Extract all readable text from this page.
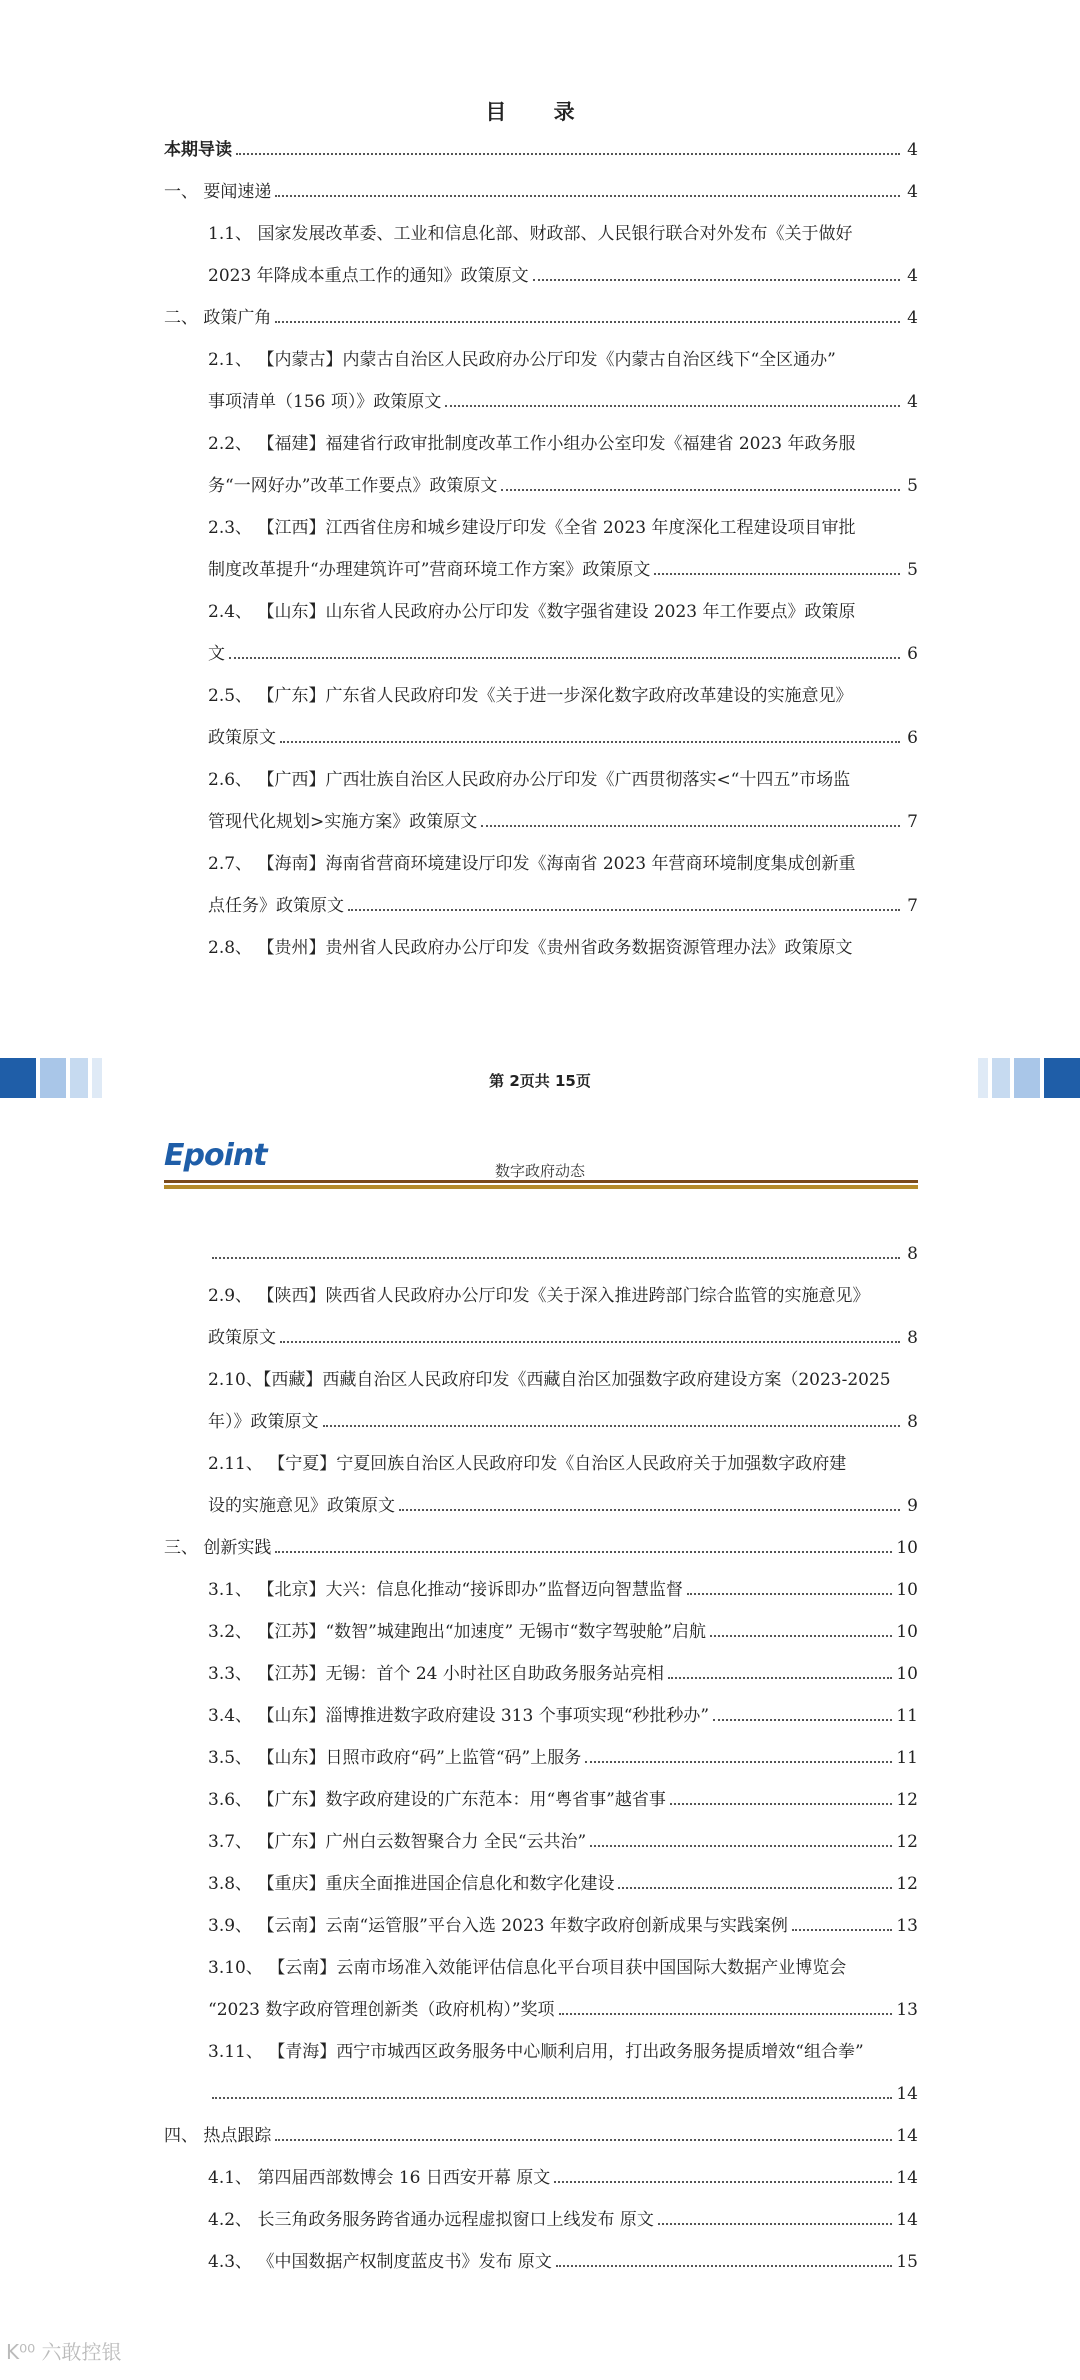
目 录
本期导读	4
一、 要闻速递	4
1.1、 国家发展改革委、工业和信息化部、财政部、人民银行联合对外发布《关于做好
2023 年降成本重点工作的通知》政策原文	4
二、 政策广角	4
2.1、 【内蒙古】内蒙古自治区人民政府办公厅印发《内蒙古自治区线下“全区通办”
事项清单（156 项）》政策原文	4
2.2、 【福建】福建省行政审批制度改革工作小组办公室印发《福建省 2023 年政务服
务“一网好办”改革工作要点》政策原文	5
2.3、 【江西】江西省住房和城乡建设厅印发《全省 2023 年度深化工程建设项目审批
制度改革提升“办理建筑许可”营商环境工作方案》政策原文	5
2.4、 【山东】山东省人民政府办公厅印发《数字强省建设 2023 年工作要点》政策原
文	6
2.5、 【广东】广东省人民政府印发《关于进一步深化数字政府改革建设的实施意见》
政策原文	6
2.6、 【广西】广西壮族自治区人民政府办公厅印发《广西贯彻落实<“十四五”市场监
管现代化规划>实施方案》政策原文	7
2.7、 【海南】海南省营商环境建设厅印发《海南省 2023 年营商环境制度集成创新重
点任务》政策原文	7
2.8、 【贵州】贵州省人民政府办公厅印发《贵州省政务数据资源管理办法》政策原文
第 2页共 15页
Epoint	数字政府动态
8
2.9、 【陕西】陕西省人民政府办公厅印发《关于深入推进跨部门综合监管的实施意见》
政策原文	8
2.10、【西藏】西藏自治区人民政府印发《西藏自治区加强数字政府建设方案（2023-2025
年）》政策原文	8
2.11、 【宁夏】宁夏回族自治区人民政府印发《自治区人民政府关于加强数字政府建
设的实施意见》政策原文	9
三、 创新实践	10
3.1、 【北京】大兴：信息化推动“接诉即办”监督迈向智慧监督	10
3.2、 【江苏】“数智”城建跑出“加速度” 无锡市“数字驾驶舱”启航	10
3.3、 【江苏】无锡：首个 24 小时社区自助政务服务站亮相	10
3.4、 【山东】淄博推进数字政府建设 313 个事项实现“秒批秒办”	11
3.5、 【山东】日照市政府“码”上监管“码”上服务	11
3.6、 【广东】数字政府建设的广东范本：用“粤省事”越省事	12
3.7、 【广东】广州白云数智聚合力 全民“云共治”	12
3.8、 【重庆】重庆全面推进国企信息化和数字化建设	12
3.9、 【云南】云南“运管服”平台入选 2023 年数字政府创新成果与实践案例	13
3.10、 【云南】云南市场准入效能评估信息化平台项目获中国国际大数据产业博览会
“2023 数字政府管理创新类（政府机构）”奖项	13
3.11、 【青海】西宁市城西区政务服务中心顺利启用，打出政务服务提质增效“组合拳”
14
四、 热点跟踪	14
4.1、 第四届西部数博会 16 日西安开幕 原文	14
4.2、 长三角政务服务跨省通办远程虚拟窗口上线发布 原文	14
4.3、 《中国数据产权制度蓝皮书》发布 原文	15
K⁰⁰ 六敢控银
